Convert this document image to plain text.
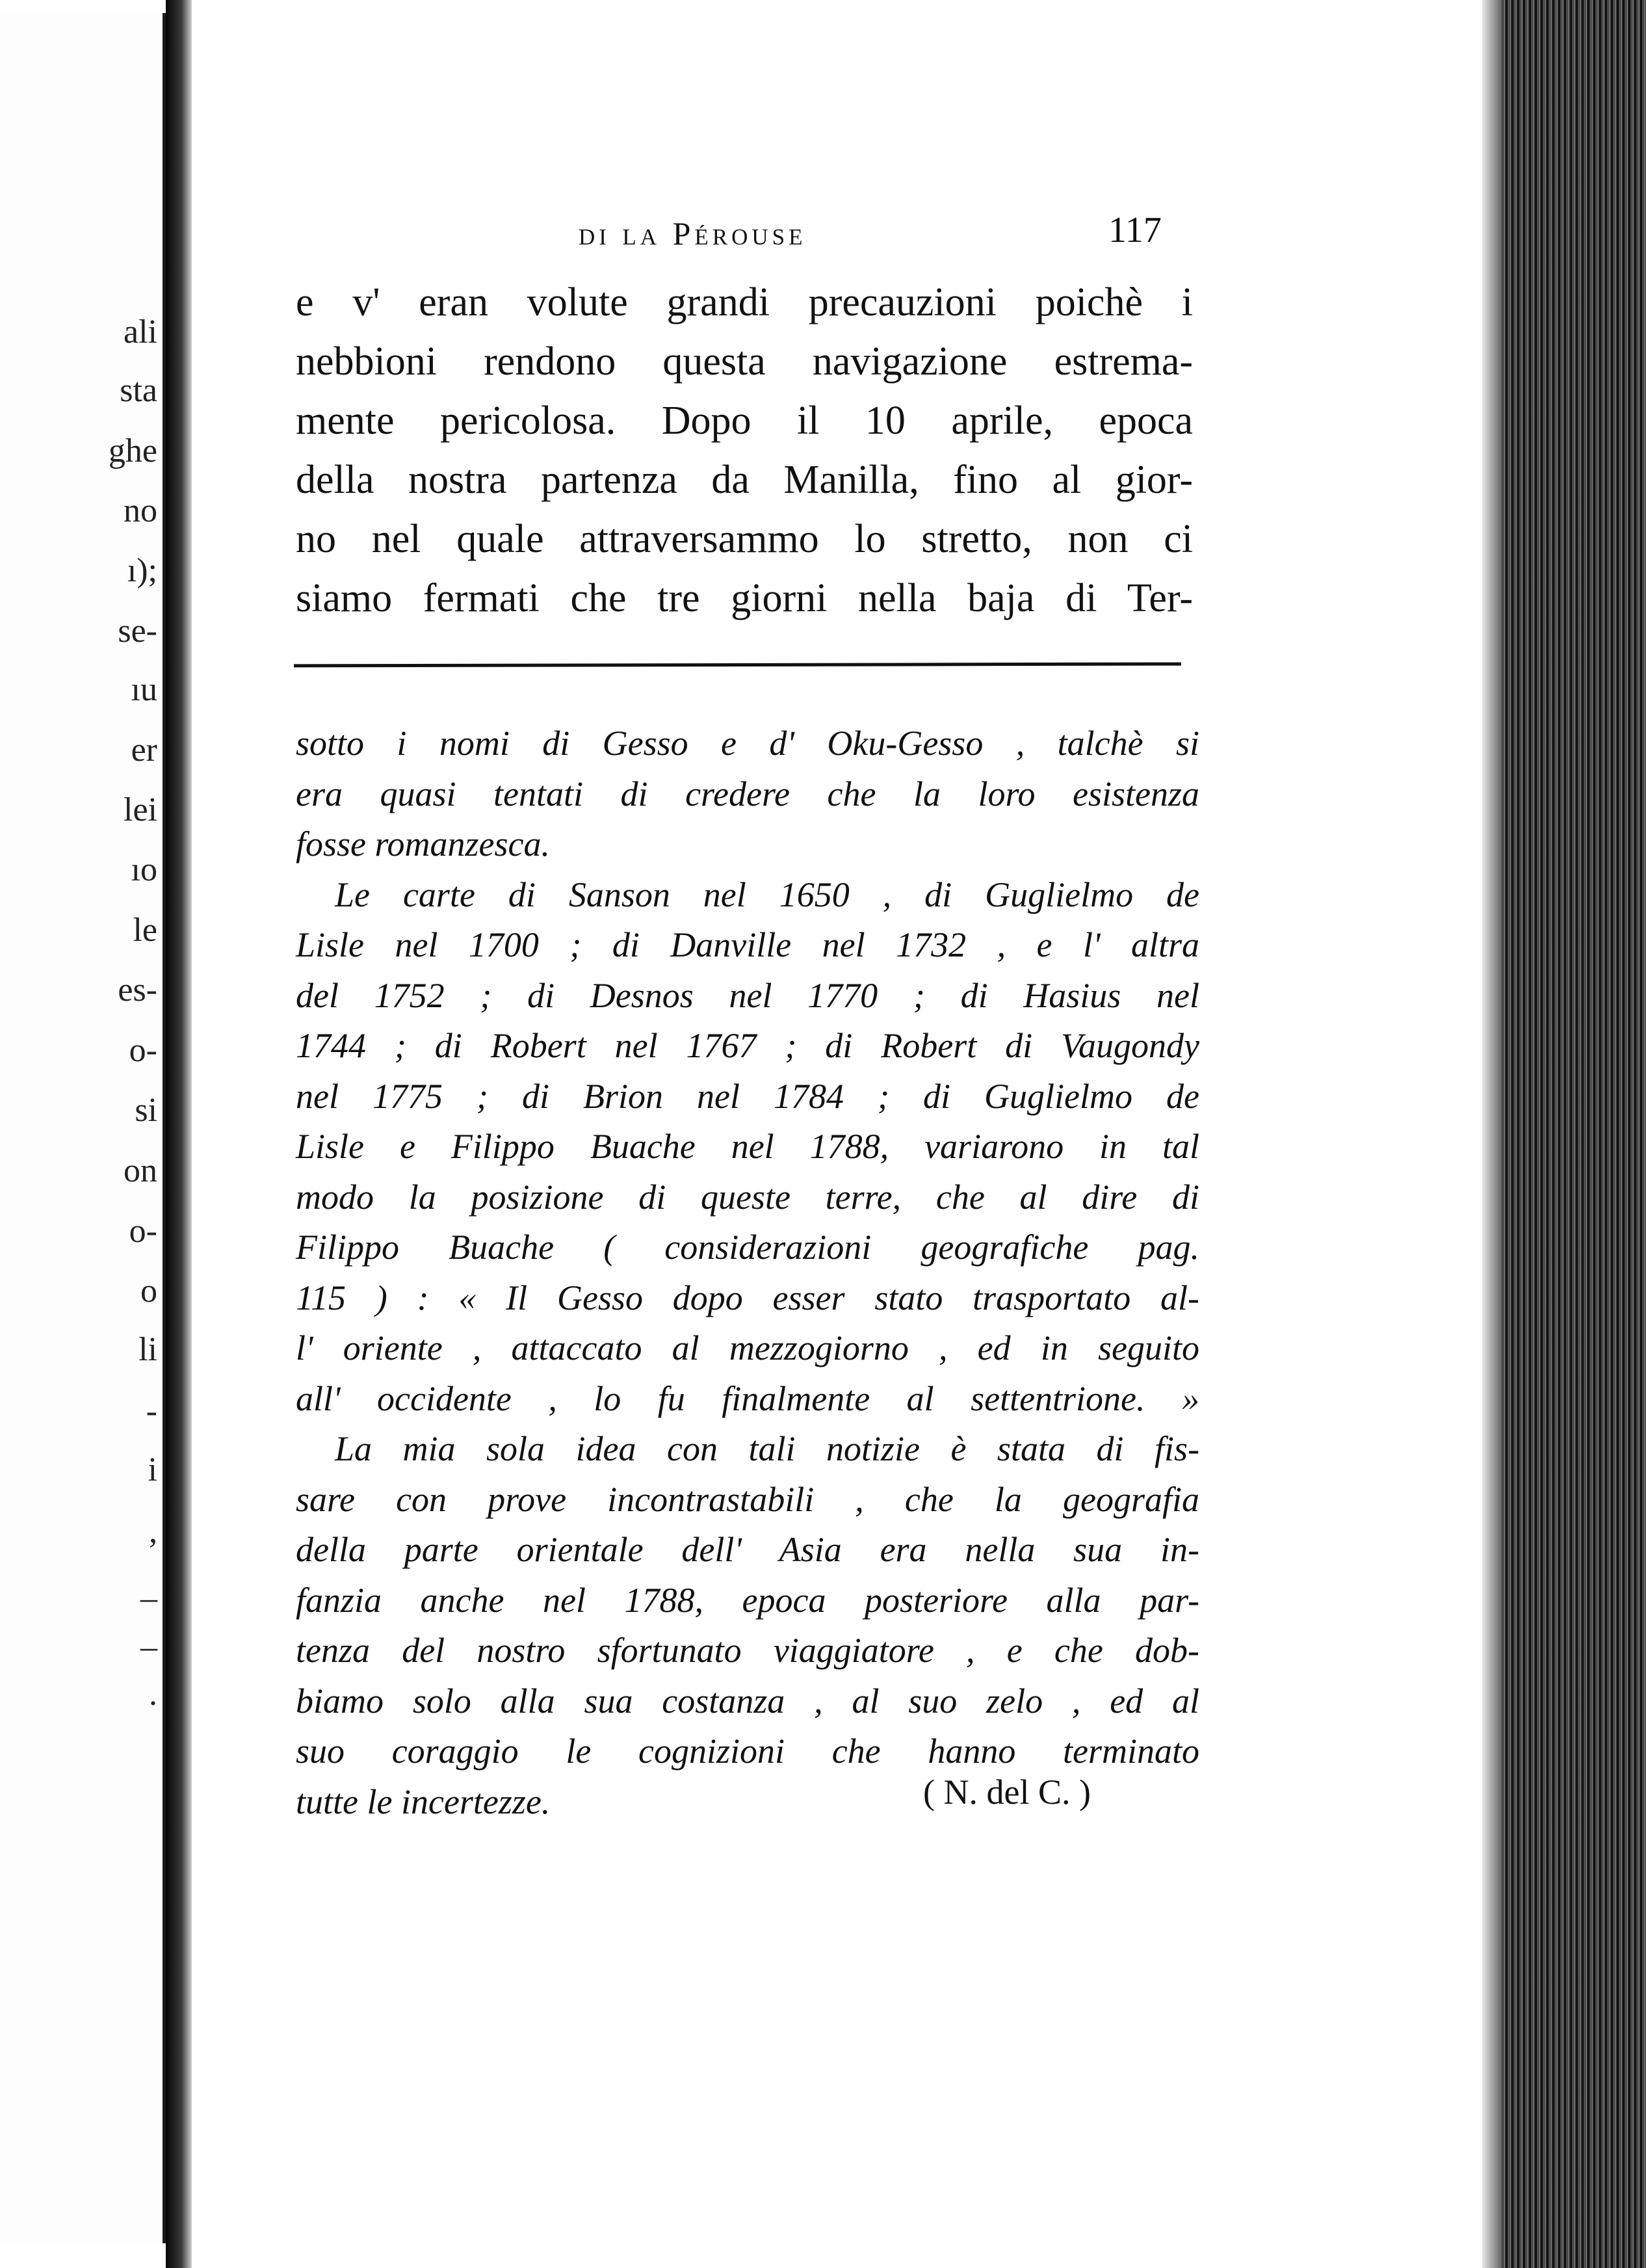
ali
sta
ghe
no
ı);
se-
ıu
er
lei
ıo
le
es-
o-
si
on
o-
o
li
-
i
,
_
_
.
di la Pérouse	117
e v' eran volute grandi precauzioni poichè i
nebbioni rendono questa navigazione estrema-
mente pericolosa. Dopo il 10 aprile, epoca
della nostra partenza da Manilla, fino al gior-
no nel quale attraversammo lo stretto, non ci
siamo fermati che tre giorni nella baja di Ter-
sotto i nomi di Gesso e d' Oku-Gesso , talchè si
era quasi tentati di credere che la loro esistenza
fosse romanzesca.
Le carte di Sanson nel 1650 , di Guglielmo de
Lisle nel 1700 ; di Danville nel 1732 , e l' altra
del 1752 ; di Desnos nel 1770 ; di Hasius nel
1744 ; di Robert nel 1767 ; di Robert di Vaugondy
nel 1775 ; di Brion nel 1784 ; di Guglielmo de
Lisle e Filippo Buache nel 1788, variarono in tal
modo la posizione di queste terre, che al dire di
Filippo Buache ( considerazioni geografiche pag.
115 ) : « Il Gesso dopo esser stato trasportato al-
l' oriente , attaccato al mezzogiorno , ed in seguito
all' occidente , lo fu finalmente al settentrione. »
La mia sola idea con tali notizie è stata di fis-
sare con prove incontrastabili , che la geografia
della parte orientale dell' Asia era nella sua in-
fanzia anche nel 1788, epoca posteriore alla par-
tenza del nostro sfortunato viaggiatore , e che dob-
biamo solo alla sua costanza , al suo zelo , ed al
suo coraggio le cognizioni che hanno terminato
tutte le incertezze.	( N. del C. )
